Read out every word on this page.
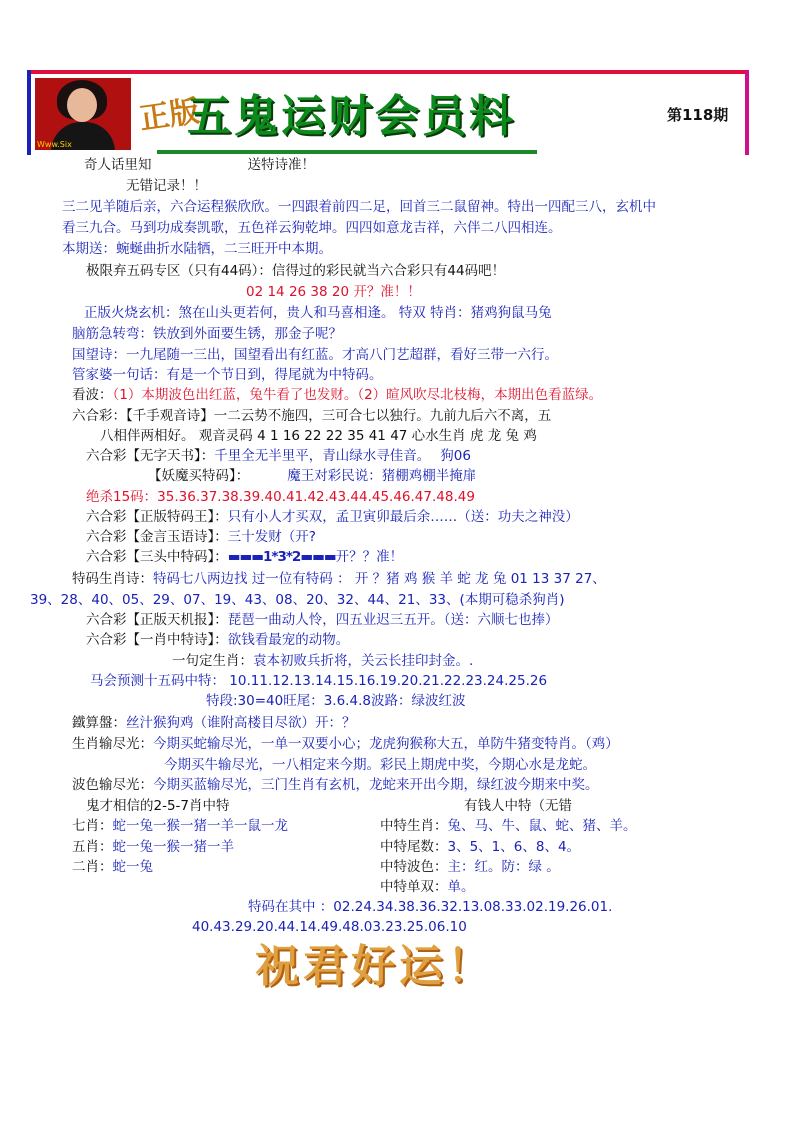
Www.Six
正版
五鬼运财会员料	第118期
奇人话里知	送特诗准！
无错记录！！
三二见羊随后亲，六合运程猴欣欣。一四跟着前四二足，回首三二鼠留神。特出一四配三八，玄机中
看三九合。马到功成奏凯歌，五色祥云狗乾坤。四四如意龙吉祥，六伴二八四相连。
本期送：蜿蜒曲折水陆牺，二三旺开中本期。
极限弃五码专区（只有44码）：信得过的彩民就当六合彩只有44码吧！
02 14 26 38 20 开？准！！
正版火烧玄机：煞在山头更若何，贵人和马喜相逢。 特双 特肖：猪鸡狗鼠马兔
脑筋急转弯：铁放到外面要生锈，那金子呢？
国望诗：一九尾随一三出，国望看出有红蓝。才高八门艺超群，看好三带一六行。
管家婆一句话：有是一个节日到，得尾就为中特码。
看波：（1）本期波色出红蓝，兔牛看了也发财。（2）暄风吹尽北枝梅，本期出色看蓝绿。
六合彩：【千手观音诗】一二云势不施四，三可合七以独行。九前九后六不离，五
八相伴两相好。 观音灵码 4 1 16 22 22 35 41 47 心水生肖 虎 龙 兔 鸡
六合彩【无字天书】：千里全无半里平，青山绿水寻佳音。 狗06
【妖魔买特码】：	魔王对彩民说：猪棚鸡棚半掩扉
绝杀15码：35.36.37.38.39.40.41.42.43.44.45.46.47.48.49
六合彩【正版特码王】：只有小人才买双，孟卫寅卯最后余……（送：功夫之神没）
六合彩【金言玉语诗】：三十发财（开?
六合彩【三头中特码】：▬▬▬1*3*2▬▬▬开？？准！
特码生肖诗：特码七八两边找 过一位有特码 ： 开 ？猪 鸡 猴 羊 蛇 龙 兔 01 13 37 27、
39、28、40、05、29、07、19、43、08、20、32、44、21、33、(本期可稳杀狗肖)
六合彩【正版天机报】：琵琶一曲动人怜，四五业迟三五开。（送：六顺七也捧）
六合彩【一肖中特诗】：欲钱看最宠的动物。
一句定生肖：袁本初败兵折将，关云长挂印封金。.
马会预测十五码中特： 10.11.12.13.14.15.16.19.20.21.22.23.24.25.26
特段:30=40旺尾：3.6.4.8波路：绿波红波
鐵算盤：丝汁猴狗鸡（谁附高楼目尽欲）开：？
生肖输尽光：今期买蛇输尽光，一单一双要小心；龙虎狗猴称大五，单防牛猪变特肖。（鸡）
今期买牛输尽光，一八相定来今期。彩民上期虎中奖，今期心水是龙蛇。
波色输尽光：今期买蓝输尽光，三门生肖有玄机，龙蛇来开出今期，绿红波今期来中奖。
鬼才相信的2-5-7肖中特	有钱人中特（无错
七肖：蛇一兔一猴一猪一羊一鼠一龙	中特生肖：兔、马、牛、鼠、蛇、猪、羊。
五肖：蛇一兔一猴一猪一羊	中特尾数：3、5、1、6、8、4。
二肖：蛇一兔	中特波色：主：红。防：绿 。
中特单双：单。
特码在其中 ：02.24.34.38.36.32.13.08.33.02.19.26.01.
40.43.29.20.44.14.49.48.03.23.25.06.10
祝君好运！
